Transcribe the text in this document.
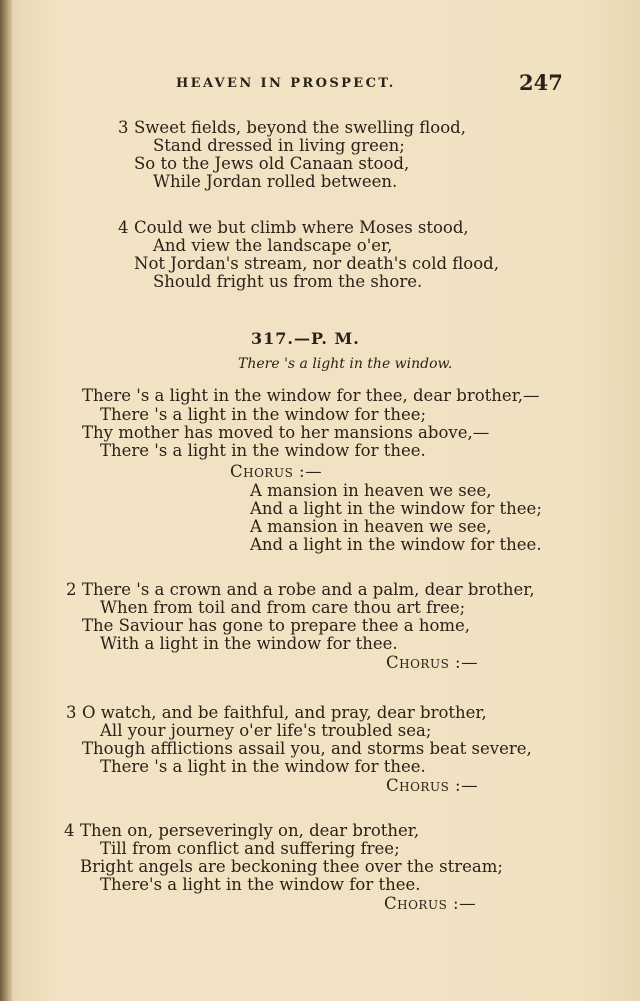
HEAVEN IN PROSPECT.	247
3 Sweet fields, beyond the swelling flood,
Stand dressed in living green;
So to the Jews old Canaan stood,
While Jordan rolled between.
4 Could we but climb where Moses stood,
And view the landscape o'er,
Not Jordan's stream, nor death's cold flood,
Should fright us from the shore.
317.—P. M.
There 's a light in the window.
There 's a light in the window for thee, dear brother,—
There 's a light in the window for thee;
Thy mother has moved to her mansions above,—
There 's a light in the window for thee.
Chorus :—
A mansion in heaven we see,
And a light in the window for thee;
A mansion in heaven we see,
And a light in the window for thee.
2 There 's a crown and a robe and a palm, dear brother,
When from toil and from care thou art free;
The Saviour has gone to prepare thee a home,
With a light in the window for thee.
Chorus :—
3 O watch, and be faithful, and pray, dear brother,
All your journey o'er life's troubled sea;
Though afflictions assail you, and storms beat severe,
There 's a light in the window for thee.
Chorus :—
4 Then on, perseveringly on, dear brother,
Till from conflict and suffering free;
Bright angels are beckoning thee over the stream;
There's a light in the window for thee.
Chorus :—
